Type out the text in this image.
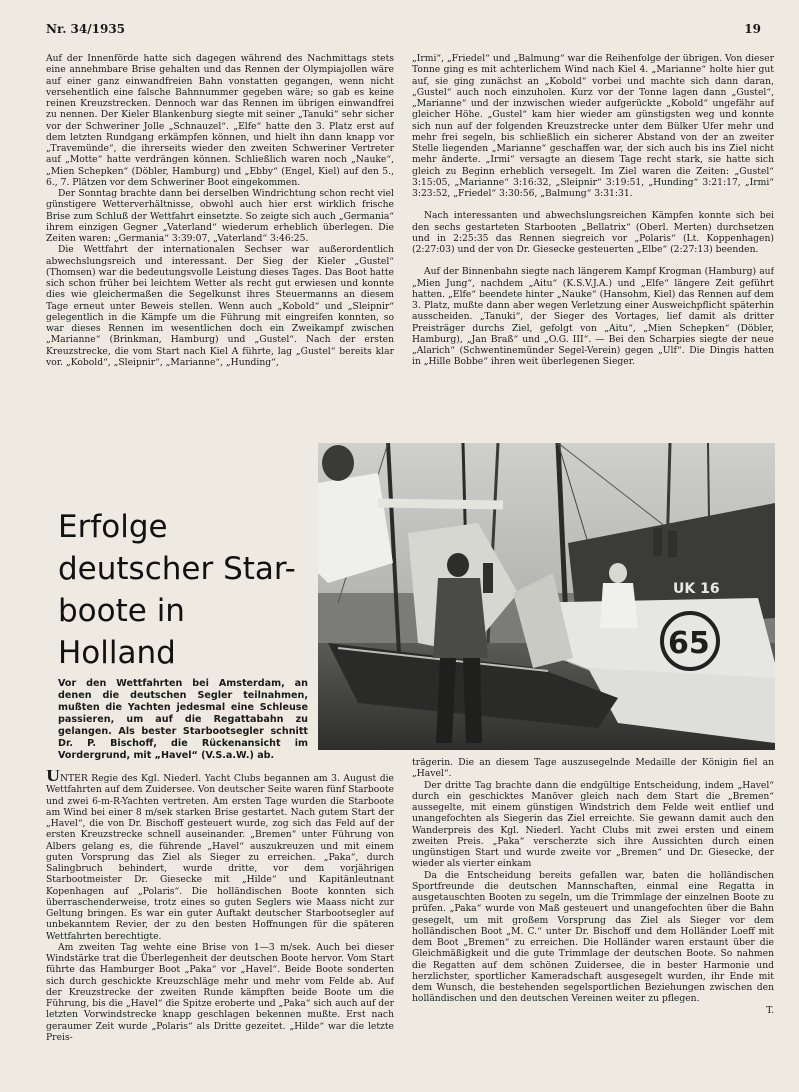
Nr. 34/1935	19

Auf der Innenförde hatte sich dagegen während des Nachmittags stets eine annehmbare Brise gehalten und das Rennen der Olympiajollen wäre auf einer ganz einwandfreien Bahn vonstatten gegangen, wenn nicht versehentlich eine falsche Bahnnummer gegeben wäre; so gab es keine reinen Kreuzstrecken. Dennoch war das Rennen im übrigen einwandfrei zu nennen. Der Kieler Blankenburg siegte mit seiner „Tanuki“ sehr sicher vor der Schweriner Jolle „Schnauzel“. „Elfe“ hatte den 3. Platz erst auf dem letzten Rundgang erkämpfen können, und hielt ihn dann knapp vor „Travemünde“, die ihrerseits wieder den zweiten Schweriner Vertreter auf „Motte“ hatte verdrängen können. Schließlich waren noch „Nauke“, „Mien Schepken“ (Döbler, Hamburg) und „Ebby“ (Engel, Kiel) auf den 5., 6., 7. Plätzen vor dem Schweriner Boot eingekommen.

Der Sonntag brachte dann bei derselben Windrichtung schon recht viel günstigere Wetterverhältnisse, obwohl auch hier erst wirklich frische Brise zum Schluß der Wettfahrt einsetzte. So zeigte sich auch „Germania“ ihrem einzigen Gegner „Vaterland“ wiederum erheblich überlegen. Die Zeiten waren: „Germania“ 3:39:07, „Vaterland“ 3:46:25.

Die Wettfahrt der internationalen Sechser war außerordentlich abwechslungsreich und interessant. Der Sieg der Kieler „Gustel“ (Thomsen) war die bedeutungsvolle Leistung dieses Tages. Das Boot hatte sich schon früher bei leichtem Wetter als recht gut erwiesen und konnte dies wie gleichermaßen die Segelkunst ihres Steuermanns an diesem Tage erneut unter Beweis stellen. Wenn auch „Kobold“ und „Sleipnir“ gelegentlich in die Kämpfe um die Führung mit eingreifen konnten, so war dieses Rennen im wesentlichen doch ein Zweikampf zwischen „Marianne“ (Brinkman, Hamburg) und „Gustel“. Nach der ersten Kreuzstrecke, die vom Start nach Kiel A führte, lag „Gustel“ bereits klar vor. „Kobold“, „Sleipnir“, „Marianne“, „Hunding“,

„Irmi“, „Friedel“ und „Balmung“ war die Reihenfolge der übrigen. Von dieser Tonne ging es mit achterlichem Wind nach Kiel 4. „Marianne“ holte hier gut auf, sie ging zunächst an „Kobold“ vorbei und machte sich dann daran, „Gustel“ auch noch einzuholen. Kurz vor der Tonne lagen dann „Gustel“, „Marianne“ und der inzwischen wieder aufgerückte „Kobold“ ungefähr auf gleicher Höhe. „Gustel“ kam hier wieder am günstigsten weg und konnte sich nun auf der folgenden Kreuzstrecke unter dem Bülker Ufer mehr und mehr frei segeln, bis schließlich ein sicherer Abstand von der an zweiter Stelle liegenden „Marianne“ geschaffen war, der sich auch bis ins Ziel nicht mehr änderte. „Irmi“ versagte an diesem Tage recht stark, sie hatte sich gleich zu Beginn erheblich versegelt. Im Ziel waren die Zeiten: „Gustel“ 3:15:05, „Marianne“ 3:16:32, „Sleipnir“ 3:19:51, „Hunding“ 3:21:17, „Irmi“ 3:23:52, „Friedel“ 3:30:56, „Balmung“ 3:31:31.

Nach interessanten und abwechslungsreichen Kämpfen konnte sich bei den sechs gestarteten Starbooten „Bellatrix“ (Oberl. Merten) durchsetzen und in 2:25:35 das Rennen siegreich vor „Polaris“ (Lt. Koppenhagen) (2:27:03) und der von Dr. Giesecke gesteuerten „Elbe“ (2:27:13) beenden.

Auf der Binnenbahn siegte nach längerem Kampf Krogman (Hamburg) auf „Mien Jung“, nachdem „Aitu“ (K.S.V.J.A.) und „Elfe“ längere Zeit geführt hatten. „Elfe“ beendete hinter „Nauke“ (Hansohm, Kiel) das Rennen auf dem 3. Platz, mußte dann aber wegen Verletzung einer Ausweichpflicht späterhin ausscheiden. „Tanuki“, der Sieger des Vortages, lief damit als dritter Preisträger durchs Ziel, gefolgt von „Aitu“, „Mien Schepken“ (Döbler, Hamburg), „Jan Braß“ und „O.G. III“. — Bei den Scharpies siegte der neue „Alarich“ (Schwentinemünder Segel-Verein) gegen „Ulf“. Die Dingis hatten in „Hille Bobbe“ ihren weit überlegenen Sieger.

Erfolge
deutscher Star-
boote in Holland

Vor den Wettfahrten bei Amsterdam, an denen die deutschen Segler teilnahmen, mußten die Yachten jedesmal eine Schleuse passieren, um auf die Regattabahn zu gelangen. Als bester Starbootsegler schnitt Dr. P. Bischoff, die Rückenansicht im Vordergrund, mit „Havel“ (V.S.a.W.) ab.

UK 16
65

UNTER Regie des Kgl. Niederl. Yacht Clubs begannen am 3. August die Wettfahrten auf dem Zuidersee. Von deutscher Seite waren fünf Starboote und zwei 6-m-R-Yachten vertreten. Am ersten Tage wurden die Starboote am Wind bei einer 8 m/sek starken Brise gestartet. Nach gutem Start der „Havel“, die von Dr. Bischoff gesteuert wurde, zog sich das Feld auf der ersten Kreuzstrecke schnell auseinander. „Bremen“ unter Führung von Albers gelang es, die führende „Havel“ auszukreuzen und mit einem guten Vorsprung das Ziel als Sieger zu erreichen. „Paka“, durch Salingbruch behindert, wurde dritte, vor dem vorjährigen Starbootmeister Dr. Giesecke mit „Hilde“ und Kapitänleutnant Kopenhagen auf „Polaris“. Die holländischen Boote konnten sich überraschenderweise, trotz eines so guten Seglers wie Maass nicht zur Geltung bringen. Es war ein guter Auftakt deutscher Starbootsegler auf unbekanntem Revier, der zu den besten Hoffnungen für die späteren Wettfahrten berechtigte.

Am zweiten Tag wehte eine Brise von 1—3 m/sek. Auch bei dieser Windstärke trat die Überlegenheit der deutschen Boote hervor. Vom Start führte das Hamburger Boot „Paka“ vor „Havel“. Beide Boote sonderten sich durch geschickte Kreuzschläge mehr und mehr vom Felde ab. Auf der Kreuzstrecke der zweiten Runde kämpften beide Boote um die Führung, bis die „Havel“ die Spitze eroberte und „Paka“ sich auch auf der letzten Vorwindstrecke knapp geschlagen bekennen mußte. Erst nach geraumer Zeit wurde „Polaris“ als Dritte gezeitet. „Hilde“ war die letzte Preis-

trägerin. Die an diesem Tage auszusegelnde Medaille der Königin fiel an „Havel“.

Der dritte Tag brachte dann die endgültige Entscheidung, indem „Havel“ durch ein geschicktes Manöver gleich nach dem Start die „Bremen“ aussegelte, mit einem günstigen Windstrich dem Felde weit entlief und unangefochten als Siegerin das Ziel erreichte. Sie gewann damit auch den Wanderpreis des Kgl. Niederl. Yacht Clubs mit zwei ersten und einem zweiten Preis. „Paka“ verscherzte sich ihre Aussichten durch einen ungünstigen Start und wurde zweite vor „Bremen“ und Dr. Giesecke, der wieder als vierter einkam

Da die Entscheidung bereits gefallen war, baten die holländischen Sportfreunde die deutschen Mannschaften, einmal eine Regatta in ausgetauschten Booten zu segeln, um die Trimmlage der einzelnen Boote zu prüfen. „Paka“ wurde von Maß gesteuert und unangefochten über die Bahn gesegelt, um mit großem Vorsprung das Ziel als Sieger vor dem holländischen Boot „M. C.“ unter Dr. Bischoff und dem Holländer Loeff mit dem Boot „Bremen“ zu erreichen. Die Holländer waren erstaunt über die Gleichmäßigkeit und die gute Trimmlage der deutschen Boote. So nahmen die Regatten auf dem schönen Zuidersee, die in bester Harmonie und herzlichster, sportlicher Kameradschaft ausgesegelt wurden, ihr Ende mit dem Wunsch, die bestehenden segelsportlichen Beziehungen zwischen den holländischen und den deutschen Vereinen weiter zu pflegen.

T.
